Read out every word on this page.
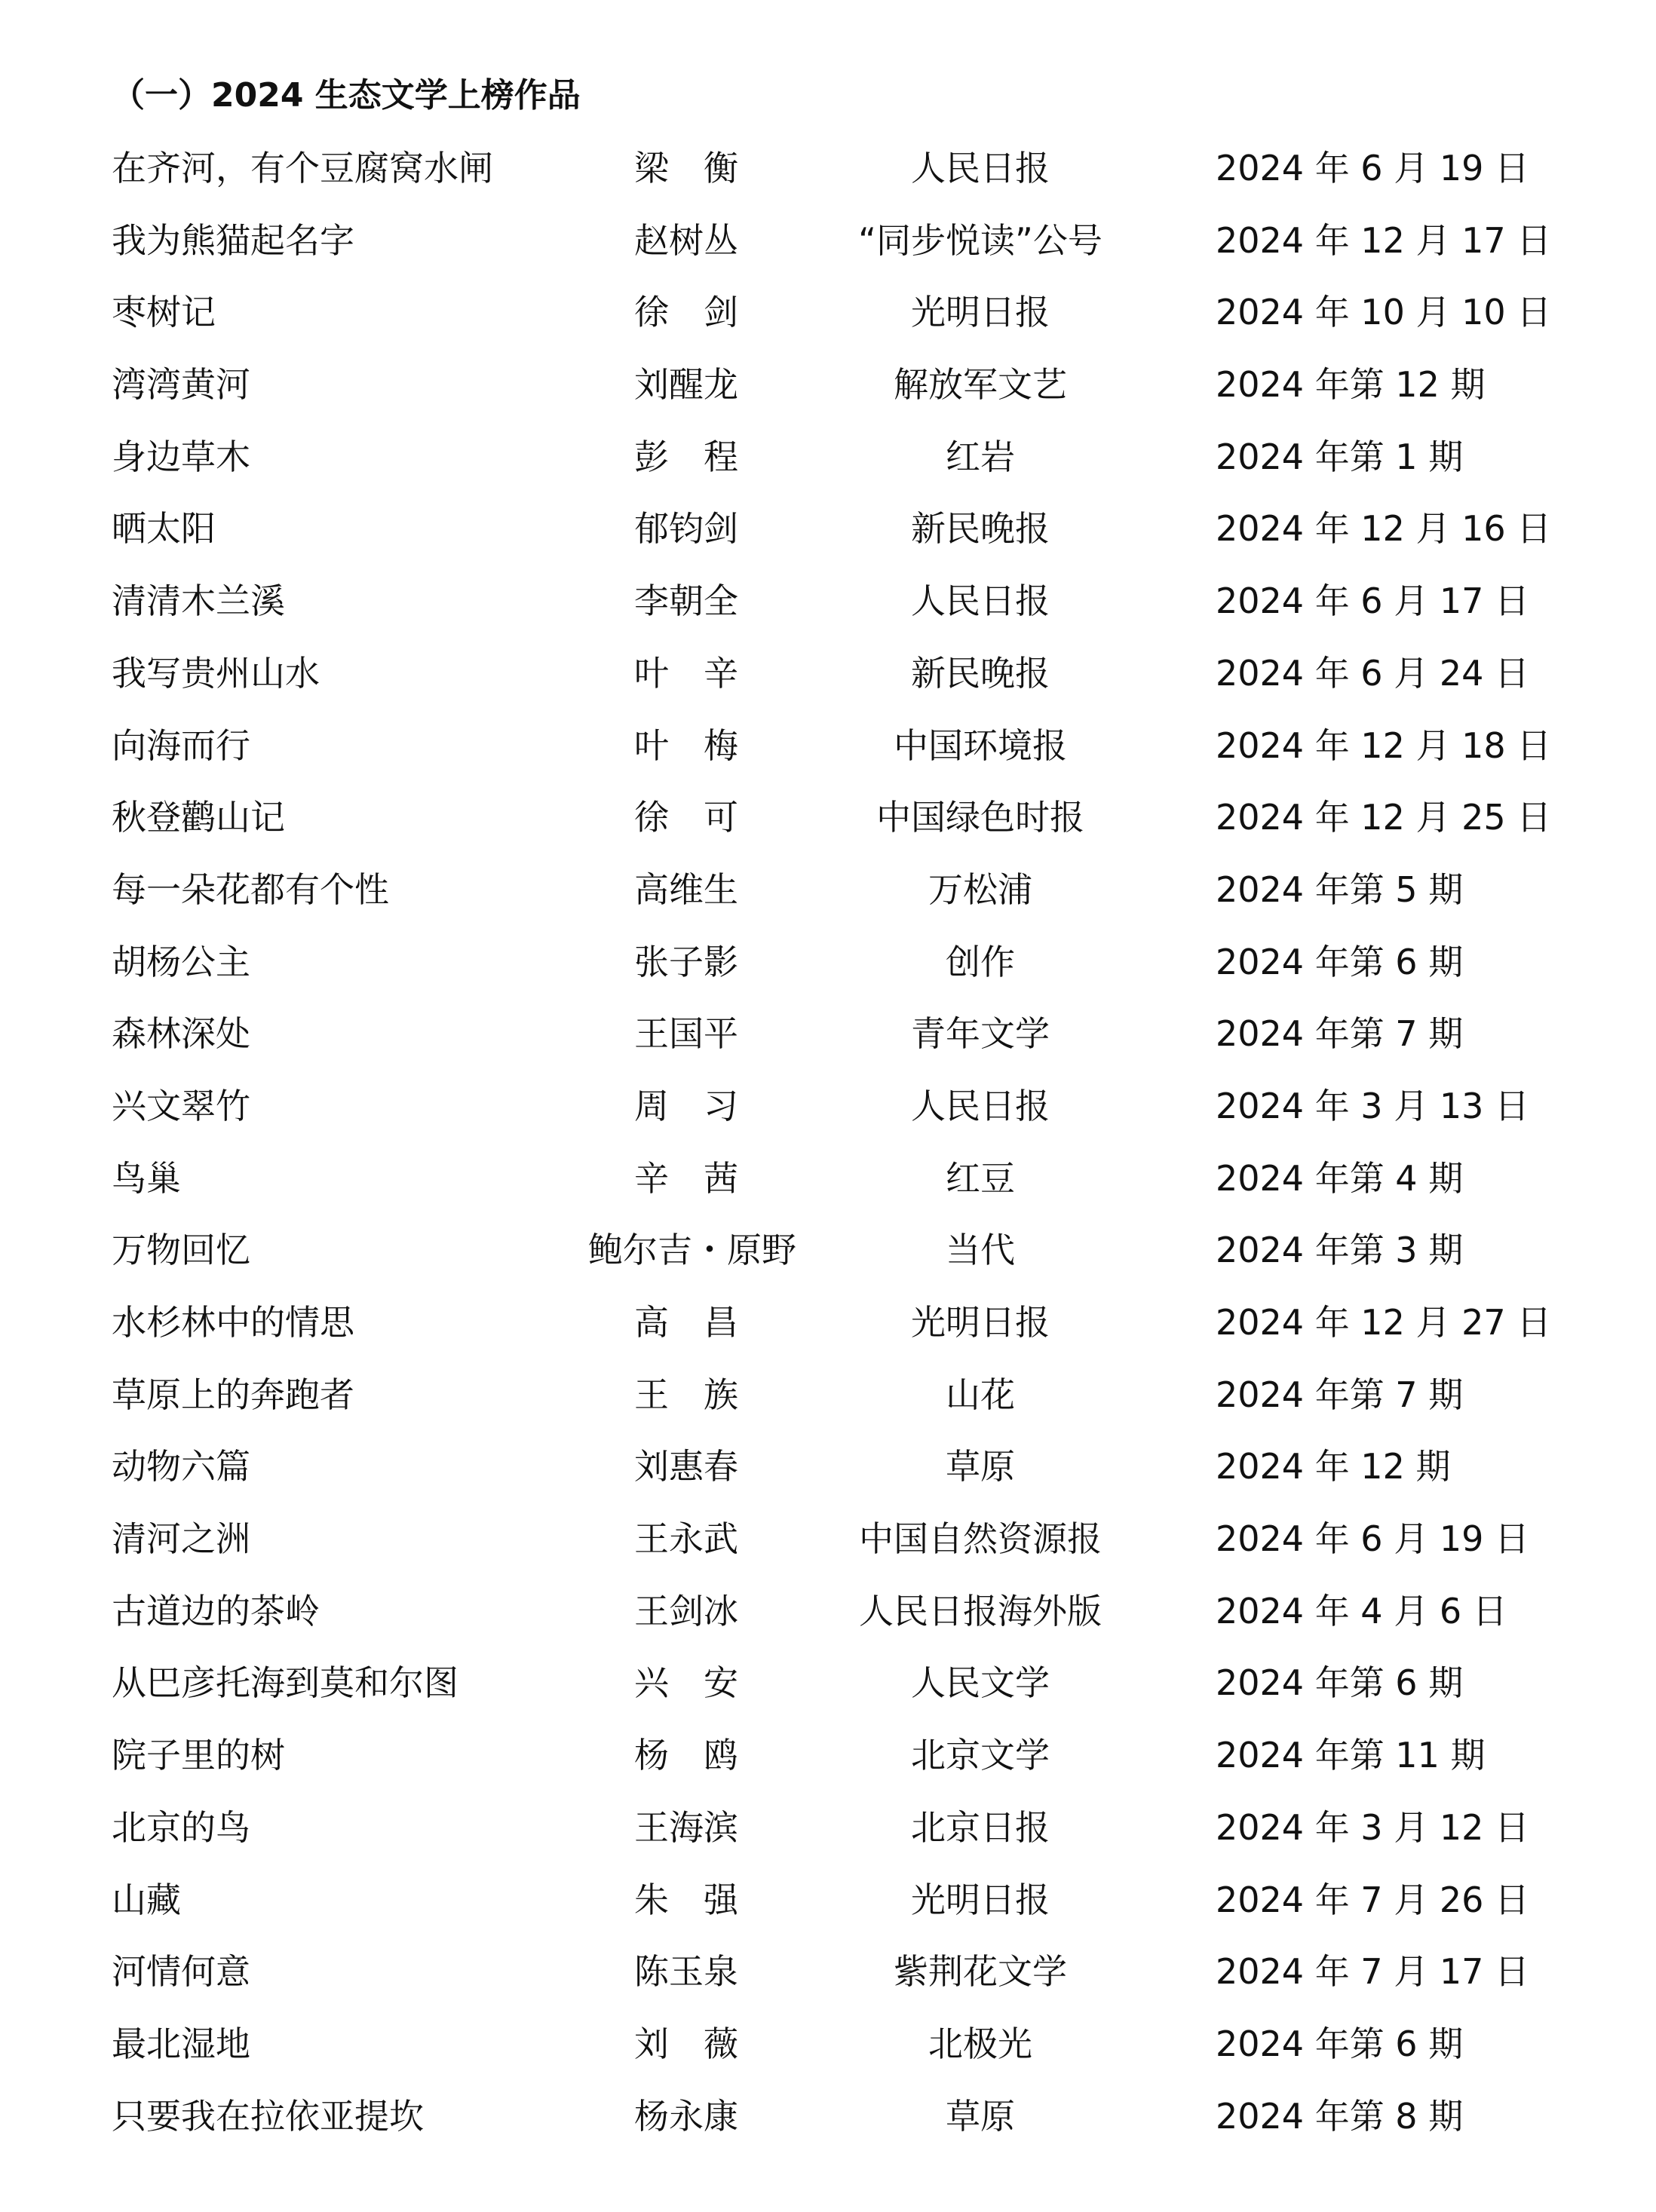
（一）2024 生态文学上榜作品
在齐河，有个豆腐窝水闸	梁　衡	人民日报	2024 年 6 月 19 日
我为熊猫起名字	赵树丛	“同步悦读”公号	2024 年 12 月 17 日
枣树记	徐　剑	光明日报	2024 年 10 月 10 日
湾湾黄河	刘醒龙	解放军文艺	2024 年第 12 期
身边草木	彭　程	红岩	2024 年第 1 期
晒太阳	郁钧剑	新民晚报	2024 年 12 月 16 日
清清木兰溪	李朝全	人民日报	2024 年 6 月 17 日
我写贵州山水	叶　辛	新民晚报	2024 年 6 月 24 日
向海而行	叶　梅	中国环境报	2024 年 12 月 18 日
秋登鹳山记	徐　可	中国绿色时报	2024 年 12 月 25 日
每一朵花都有个性	高维生	万松浦	2024 年第 5 期
胡杨公主	张子影	创作	2024 年第 6 期
森林深处	王国平	青年文学	2024 年第 7 期
兴文翠竹	周　习	人民日报	2024 年 3 月 13 日
鸟巢	辛　茜	红豆	2024 年第 4 期
万物回忆	鲍尔吉・原野	当代	2024 年第 3 期
水杉林中的情思	高　昌	光明日报	2024 年 12 月 27 日
草原上的奔跑者	王　族	山花	2024 年第 7 期
动物六篇	刘惠春	草原	2024 年 12 期
清河之洲	王永武	中国自然资源报	2024 年 6 月 19 日
古道边的茶岭	王剑冰	人民日报海外版	2024 年 4 月 6 日
从巴彦托海到莫和尔图	兴　安	人民文学	2024 年第 6 期
院子里的树	杨　鸥	北京文学	2024 年第 11 期
北京的鸟	王海滨	北京日报	2024 年 3 月 12 日
山藏	朱　强	光明日报	2024 年 7 月 26 日
河情何意	陈玉泉	紫荆花文学	2024 年 7 月 17 日
最北湿地	刘　薇	北极光	2024 年第 6 期
只要我在拉依亚提坎	杨永康	草原	2024 年第 8 期
